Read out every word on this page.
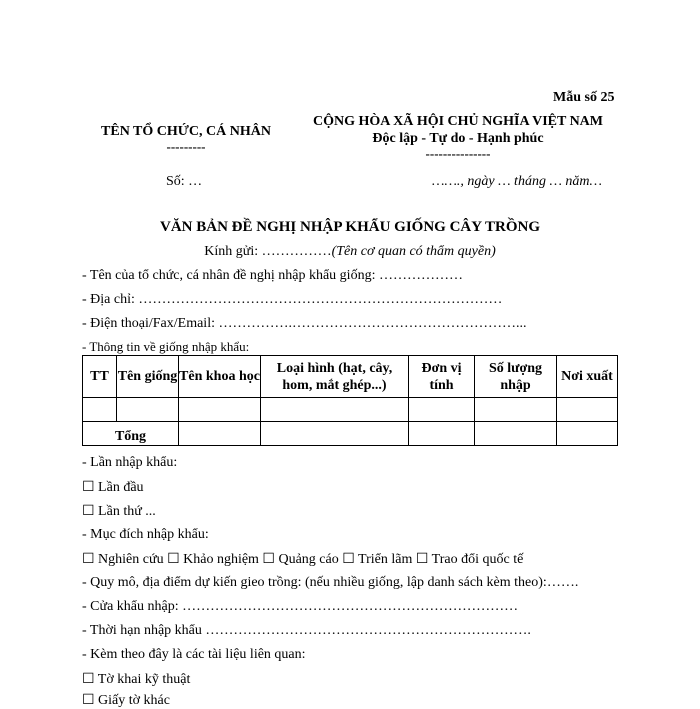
Mẫu số 25
TÊN TỔ CHỨC, CÁ NHÂN
---------
CỘNG HÒA XÃ HỘI CHỦ NGHĨA VIỆT NAM
Độc lập - Tự do - Hạnh phúc
---------------
Số: …	……., ngày … tháng … năm…
VĂN BẢN ĐỀ NGHỊ NHẬP KHẨU GIỐNG CÂY TRỒNG
Kính gửi: ……………(Tên cơ quan có thẩm quyền)
- Tên của tổ chức, cá nhân đề nghị nhập khẩu giống: ………………
- Địa chỉ: ……………………………………………………………………
- Điện thoại/Fax/Email: …………….…………………………………………...
- Thông tin về giống nhập khẩu:
TT	Tên giống	Tên khoa học	Loại hình (hạt, cây, hom, mắt ghép...)	Đơn vị tính	Số lượng nhập	Nơi xuất

Tổng						
- Lần nhập khẩu:
☐ Lần đầu
☐ Lần thứ ...
- Mục đích nhập khẩu:
☐ Nghiên cứu ☐ Khảo nghiệm ☐ Quảng cáo ☐ Triển lãm ☐ Trao đổi quốc tế
- Quy mô, địa điểm dự kiến gieo trồng: (nếu nhiều giống, lập danh sách kèm theo):…….
- Cửa khẩu nhập: ………………………………………………………………
- Thời hạn nhập khẩu …………………………………………………………….
- Kèm theo đây là các tài liệu liên quan:
☐ Tờ khai kỹ thuật
☐ Giấy tờ khác
